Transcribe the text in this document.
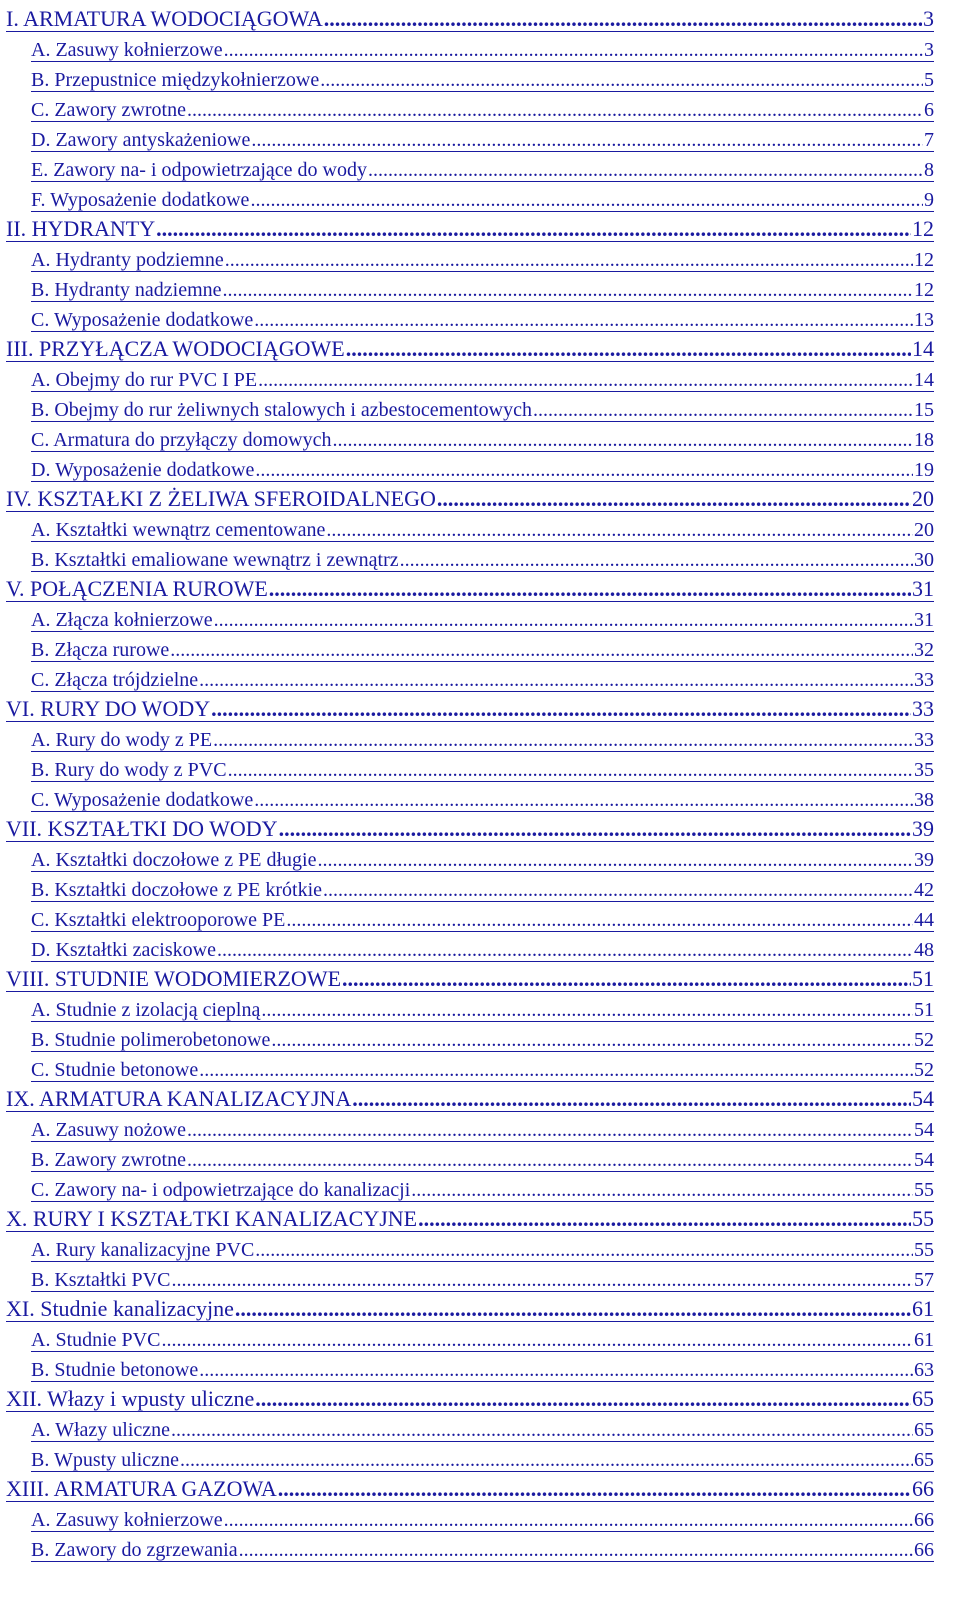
I. ARMATURA WODOCIĄGOWA .....	3
A. Zasuwy kołnierzowe .....	3
B. Przepustnice międzykołnierzowe .....	5
C. Zawory zwrotne .....	6
D. Zawory antyskażeniowe .....	7
E. Zawory na- i odpowietrzające do wody .....	8
F. Wyposażenie dodatkowe .....	9
II. HYDRANTY .....	12
A. Hydranty podziemne .....	12
B. Hydranty nadziemne .....	12
C. Wyposażenie dodatkowe .....	13
III. PRZYŁĄCZA WODOCIĄGOWE .....	14
A. Obejmy do rur PVC I PE .....	14
B. Obejmy do rur żeliwnych stalowych i azbestocementowych .....	15
C. Armatura do przyłączy domowych .....	18
D. Wyposażenie dodatkowe .....	19
IV. KSZTAŁKI Z ŻELIWA SFEROIDALNEGO .....	20
A. Kształtki wewnątrz cementowane .....	20
B. Kształtki emaliowane wewnątrz i zewnątrz .....	30
V. POŁĄCZENIA RUROWE .....	31
A. Złącza kołnierzowe .....	31
B. Złącza rurowe .....	32
C. Złącza trójdzielne .....	33
VI. RURY DO WODY .....	33
A. Rury do wody z PE .....	33
B. Rury do wody z PVC .....	35
C. Wyposażenie dodatkowe .....	38
VII. KSZTAŁTKI DO WODY .....	39
A. Kształtki doczołowe z PE długie .....	39
B. Kształtki doczołowe z PE krótkie .....	42
C. Kształtki elektrooporowe PE .....	44
D. Kształtki zaciskowe .....	48
VIII. STUDNIE WODOMIERZOWE .....	51
A. Studnie z izolacją cieplną .....	51
B. Studnie polimerobetonowe .....	52
C. Studnie betonowe .....	52
IX. ARMATURA KANALIZACYJNA .....	54
A. Zasuwy nożowe .....	54
B. Zawory zwrotne .....	54
C. Zawory na- i odpowietrzające do kanalizacji .....	55
X. RURY I KSZTAŁTKI KANALIZACYJNE .....	55
A. Rury kanalizacyjne PVC .....	55
B. Kształtki PVC .....	57
XI. Studnie kanalizacyjne .....	61
A. Studnie PVC .....	61
B. Studnie betonowe .....	63
XII. Włazy i wpusty uliczne .....	65
A. Włazy uliczne .....	65
B. Wpusty uliczne .....	65
XIII. ARMATURA GAZOWA .....	66
A. Zasuwy kołnierzowe .....	66
B. Zawory do zgrzewania .....	66
